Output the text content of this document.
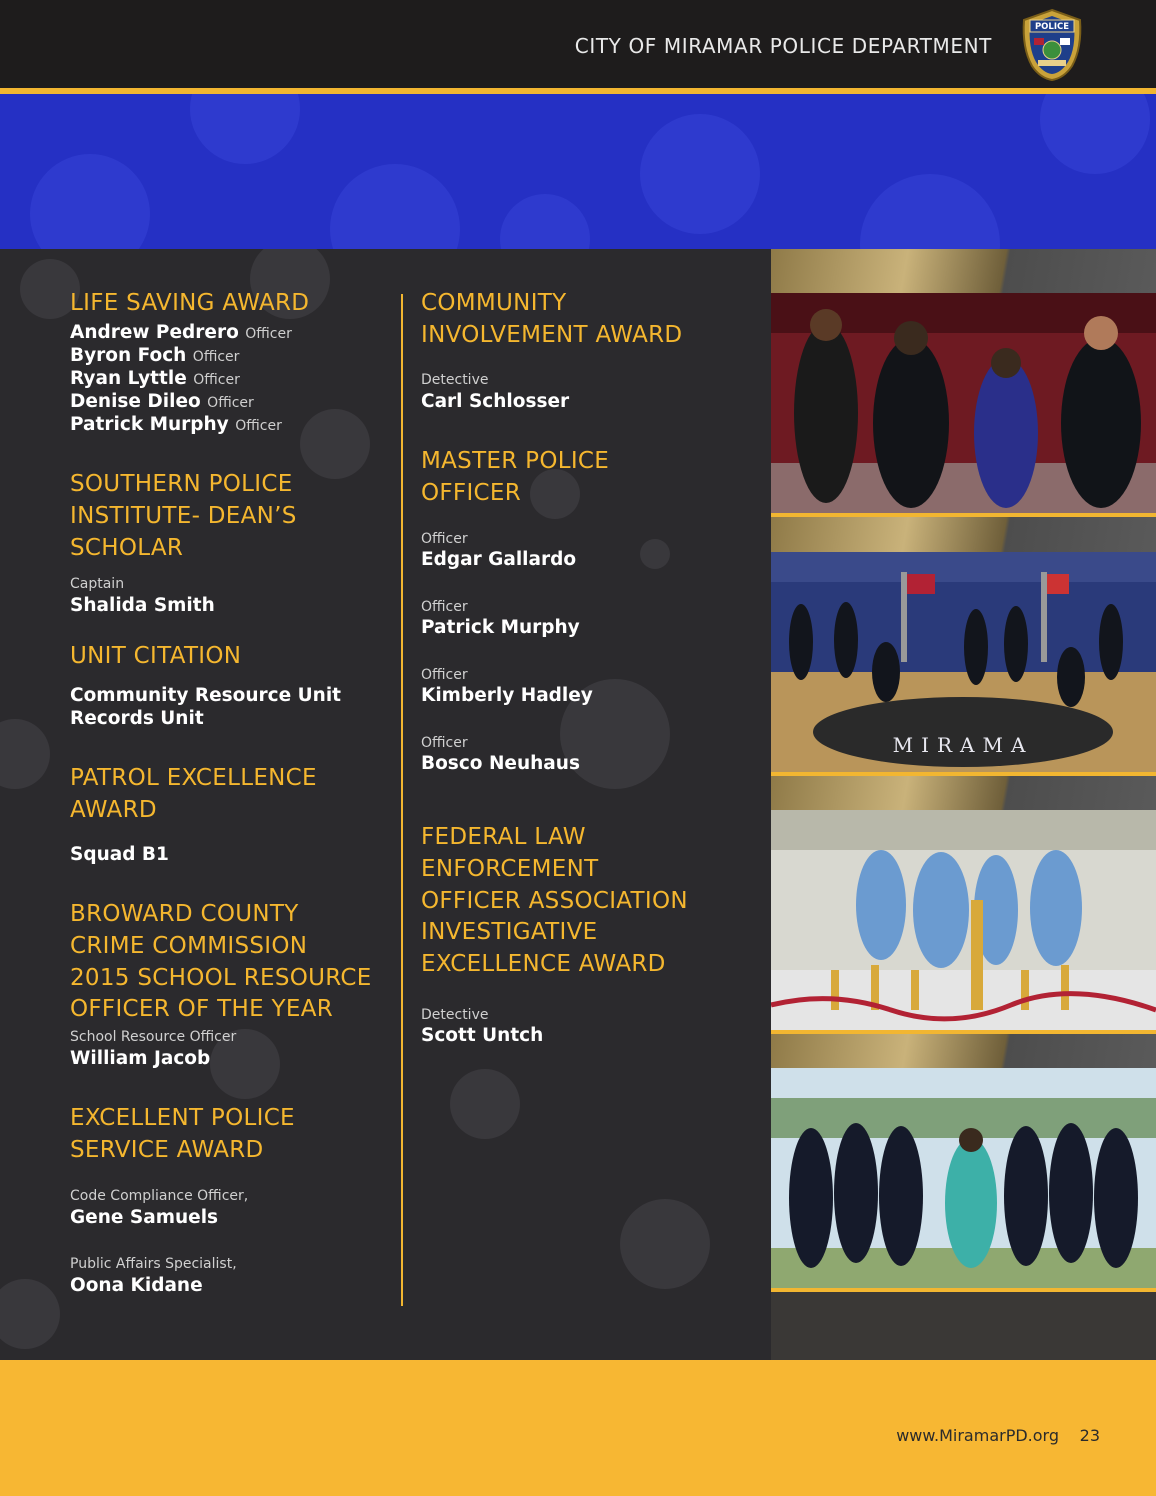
CITY OF MIRAMAR POLICE DEPARTMENT
POLICE
LIFE SAVING AWARD
Andrew Pedrero Officer
Byron Foch Officer
Ryan Lyttle Officer
Denise Dileo Officer
Patrick Murphy Officer
SOUTHERN POLICE
INSTITUTE- DEAN’S
SCHOLAR
Captain
Shalida Smith
UNIT CITATION
Community Resource Unit
Records Unit
PATROL EXCELLENCE
AWARD
Squad B1
BROWARD COUNTY
CRIME COMMISSION
2015 SCHOOL RESOURCE
OFFICER OF THE YEAR
School Resource Officer
William Jacob
EXCELLENT POLICE
SERVICE AWARD
Code Compliance Officer,
Gene Samuels
Public Affairs Specialist,
Oona Kidane
COMMUNITY
INVOLVEMENT AWARD
Detective
Carl Schlosser
MASTER POLICE
OFFICER
Officer
Edgar Gallardo
Officer
Patrick Murphy
Officer
Kimberly Hadley
Officer
Bosco Neuhaus
FEDERAL LAW
ENFORCEMENT
OFFICER ASSOCIATION
INVESTIGATIVE
EXCELLENCE AWARD
Detective
Scott Untch
MIRAMA
www.MiramarPD.org 23
